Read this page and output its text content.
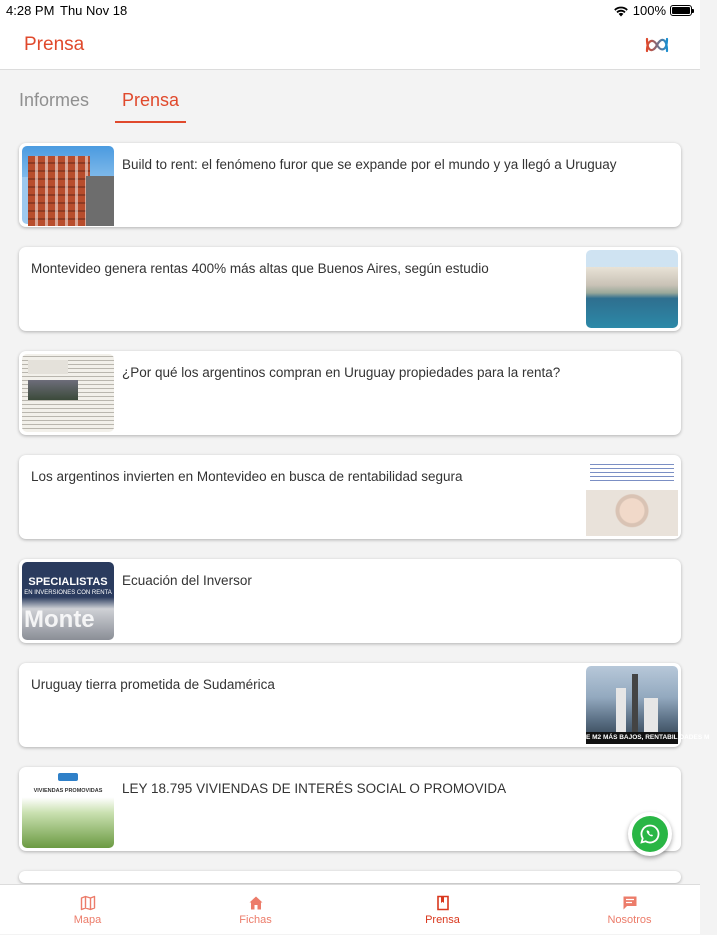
4:28 PM Thu Nov 18	100%
Prensa
Informes	Prensa
Build to rent: el fenómeno furor que se expande por el mundo y ya llegó a Uruguay
Montevideo genera rentas 400% más altas que Buenos Aires, según estudio
¿Por qué los argentinos compran en Uruguay propiedades para la renta?
Los argentinos invierten en Montevideo en busca de rentabilidad segura
SPECIALISTAS
EN INVERSIONES CON RENTA
Monte
Ecuación del Inversor
Uruguay tierra prometida de Sudamérica
E M2 MÁS BAJOS, RENTABILIDADES M
VIVIENDAS PROMOVIDAS	LEY 18.795 VIVIENDAS DE INTERÉS SOCIAL O PROMOVIDA
Mapa	Fichas	Prensa	Nosotros
